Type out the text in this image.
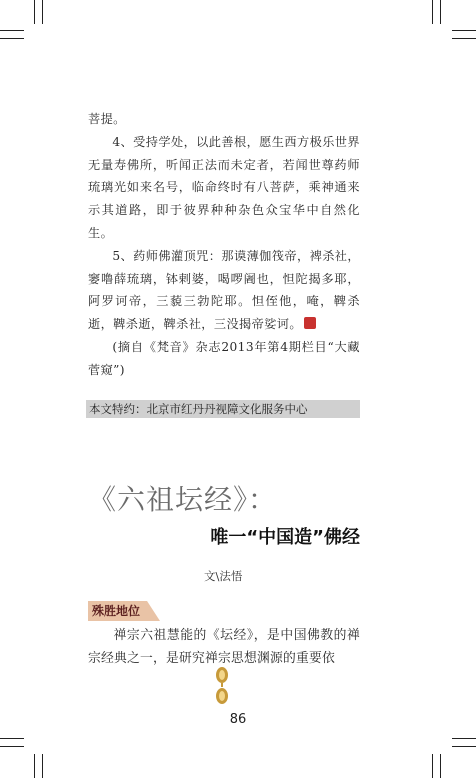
菩提。

4、受持学处，以此善根，愿生西方极乐世界无量寿佛所，听闻正法而未定者，若闻世尊药师琉璃光如来名号，临命终时有八菩萨，乘神通来示其道路，即于彼界种种杂色众宝华中自然化生。

5、药师佛灌顶咒：那谟薄伽筏帝，裨杀社，窭噜薛琉璃，钵剌婆，喝啰阇也，怛陀揭多耶，阿罗诃帝，三藐三勃陀耶。怛侄他，唵，鞞杀逝，鞞杀逝，鞞杀社，三没揭帝娑诃。

(摘自《梵音》杂志2013年第4期栏目“大藏菅窥”)

本文特约：北京市红丹丹视障文化服务中心
《六祖坛经》：
唯一“中国造”佛经
文\法悟
殊胜地位

禅宗六祖慧能的《坛经》，是中国佛教的禅宗经典之一，是研究禅宗思想渊源的重要依

86
